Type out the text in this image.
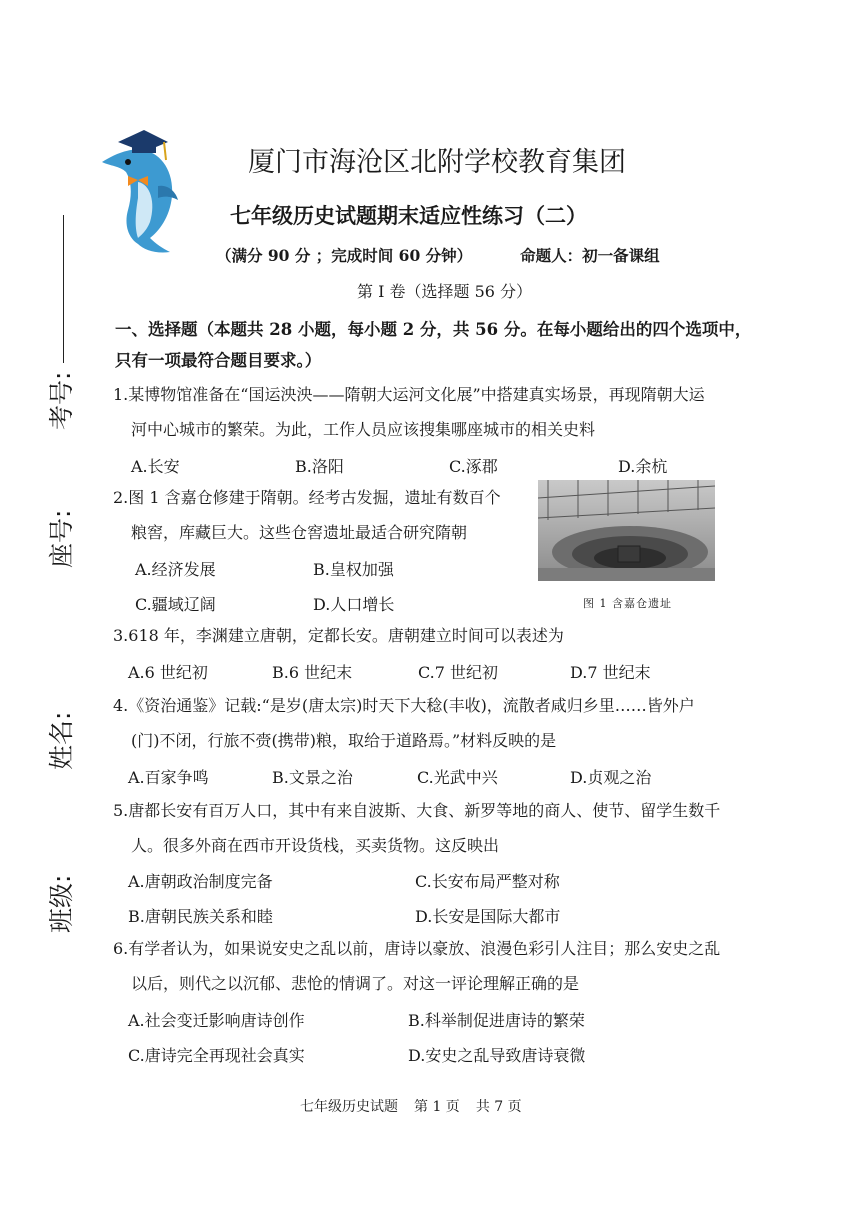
考号:
座号:
姓名:
班级:
厦门市海沧区北附学校教育集团
七年级历史试题期末适应性练习（二）
（满分 90 分 ；完成时间 60 分钟）	命题人：初一备课组
第 I 卷（选择题 56 分）
一、选择题（本题共 28 小题，每小题 2 分，共 56 分。在每小题给出的四个选项中，
只有一项最符合题目要求。）
1.某博物馆准备在“国运泱泱——隋朝大运河文化展”中搭建真实场景，再现隋朝大运
河中心城市的繁荣。为此，工作人员应该搜集哪座城市的相关史料
A.长安	B.洛阳	C.涿郡	D.余杭
2.图 1 含嘉仓修建于隋朝。经考古发掘，遗址有数百个
粮窖，库藏巨大。这些仓窖遗址最适合研究隋朝
A.经济发展	B.皇权加强
C.疆域辽阔	D.人口增长	图 1 含嘉仓遗址
3.618 年，李渊建立唐朝，定都长安。唐朝建立时间可以表述为
A.6 世纪初	B.6 世纪末	C.7 世纪初	D.7 世纪末
4.《资治通鉴》记载:“是岁(唐太宗)时天下大稔(丰收)，流散者咸归乡里……皆外户
(门)不闭，行旅不赍(携带)粮，取给于道路焉。”材料反映的是
A.百家争鸣	B.文景之治	C.光武中兴	D.贞观之治
5.唐都长安有百万人口，其中有来自波斯、大食、新罗等地的商人、使节、留学生数千
人。很多外商在西市开设货栈，买卖货物。这反映出
A.唐朝政治制度完备	C.长安布局严整对称
B.唐朝民族关系和睦	D.长安是国际大都市
6.有学者认为，如果说安史之乱以前，唐诗以豪放、浪漫色彩引人注目；那么安史之乱
以后，则代之以沉郁、悲怆的情调了。对这一评论理解正确的是
A.社会变迁影响唐诗创作	B.科举制促进唐诗的繁荣
C.唐诗完全再现社会真实	D.安史之乱导致唐诗衰微
七年级历史试题 第 1 页 共 7 页
